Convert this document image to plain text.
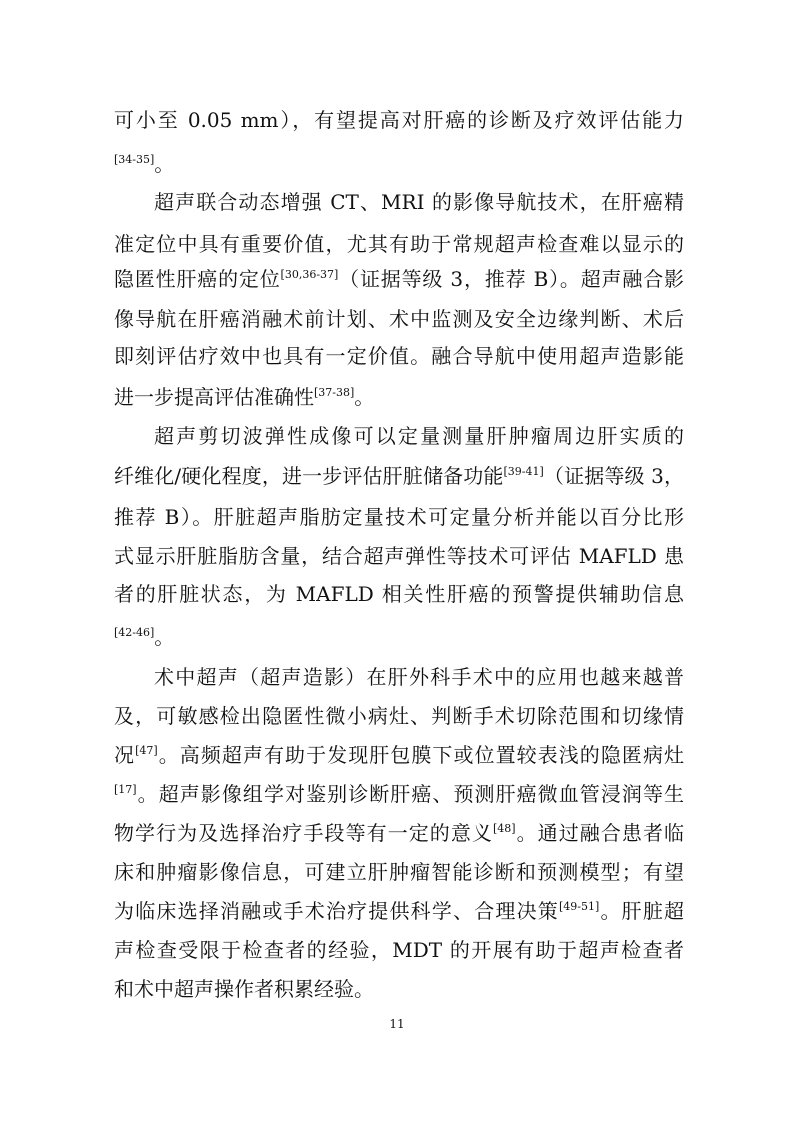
可小至 0.05 mm），有望提高对肝癌的诊断及疗效评估能力
[34-35]。
超声联合动态增强 CT、MRI 的影像导航技术，在肝癌精
准定位中具有重要价值，尤其有助于常规超声检查难以显示的
隐匿性肝癌的定位[30,36-37]（证据等级 3，推荐 B）。超声融合影
像导航在肝癌消融术前计划、术中监测及安全边缘判断、术后
即刻评估疗效中也具有一定价值。融合导航中使用超声造影能
进一步提高评估准确性[37-38]。
超声剪切波弹性成像可以定量测量肝肿瘤周边肝实质的
纤维化/硬化程度，进一步评估肝脏储备功能[39-41]（证据等级 3，
推荐 B）。肝脏超声脂肪定量技术可定量分析并能以百分比形
式显示肝脏脂肪含量，结合超声弹性等技术可评估 MAFLD 患
者的肝脏状态，为 MAFLD 相关性肝癌的预警提供辅助信息
[42-46]。
术中超声（超声造影）在肝外科手术中的应用也越来越普
及，可敏感检出隐匿性微小病灶、判断手术切除范围和切缘情
况[47]。高频超声有助于发现肝包膜下或位置较表浅的隐匿病灶
[17]。超声影像组学对鉴别诊断肝癌、预测肝癌微血管浸润等生
物学行为及选择治疗手段等有一定的意义[48]。通过融合患者临
床和肿瘤影像信息，可建立肝肿瘤智能诊断和预测模型；有望
为临床选择消融或手术治疗提供科学、合理决策[49-51]。肝脏超
声检查受限于检查者的经验，MDT 的开展有助于超声检查者
和术中超声操作者积累经验。
11
